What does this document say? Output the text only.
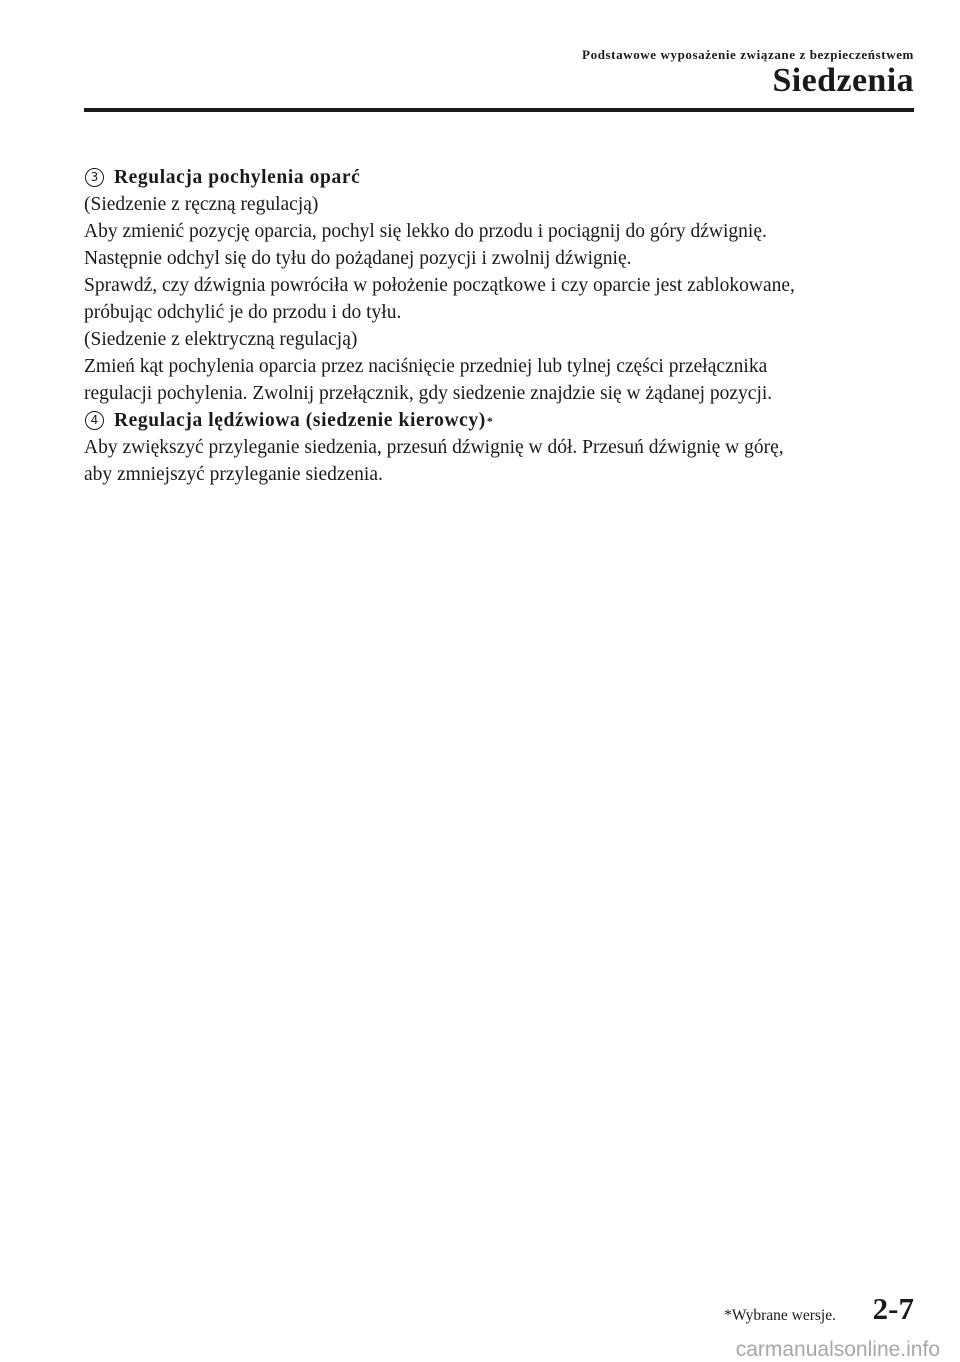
Podstawowe wyposażenie związane z bezpieczeństwem
Siedzenia

3 Regulacja pochylenia oparć

(Siedzenie z ręczną regulacją)

Aby zmienić pozycję oparcia, pochyl się lekko do przodu i pociągnij do góry dźwignię.

Następnie odchyl się do tyłu do pożądanej pozycji i zwolnij dźwignię.

Sprawdź, czy dźwignia powróciła w położenie początkowe i czy oparcie jest zablokowane,

próbując odchylić je do przodu i do tyłu.

(Siedzenie z elektryczną regulacją)

Zmień kąt pochylenia oparcia przez naciśnięcie przedniej lub tylnej części przełącznika

regulacji pochylenia. Zwolnij przełącznik, gdy siedzenie znajdzie się w żądanej pozycji.

4 Regulacja lędźwiowa (siedzenie kierowcy) *

Aby zwiększyć przyleganie siedzenia, przesuń dźwignię w dół. Przesuń dźwignię w górę,

aby zmniejszyć przyleganie siedzenia.

*Wybrane wersje. 2-7
carmanualsonline.info
